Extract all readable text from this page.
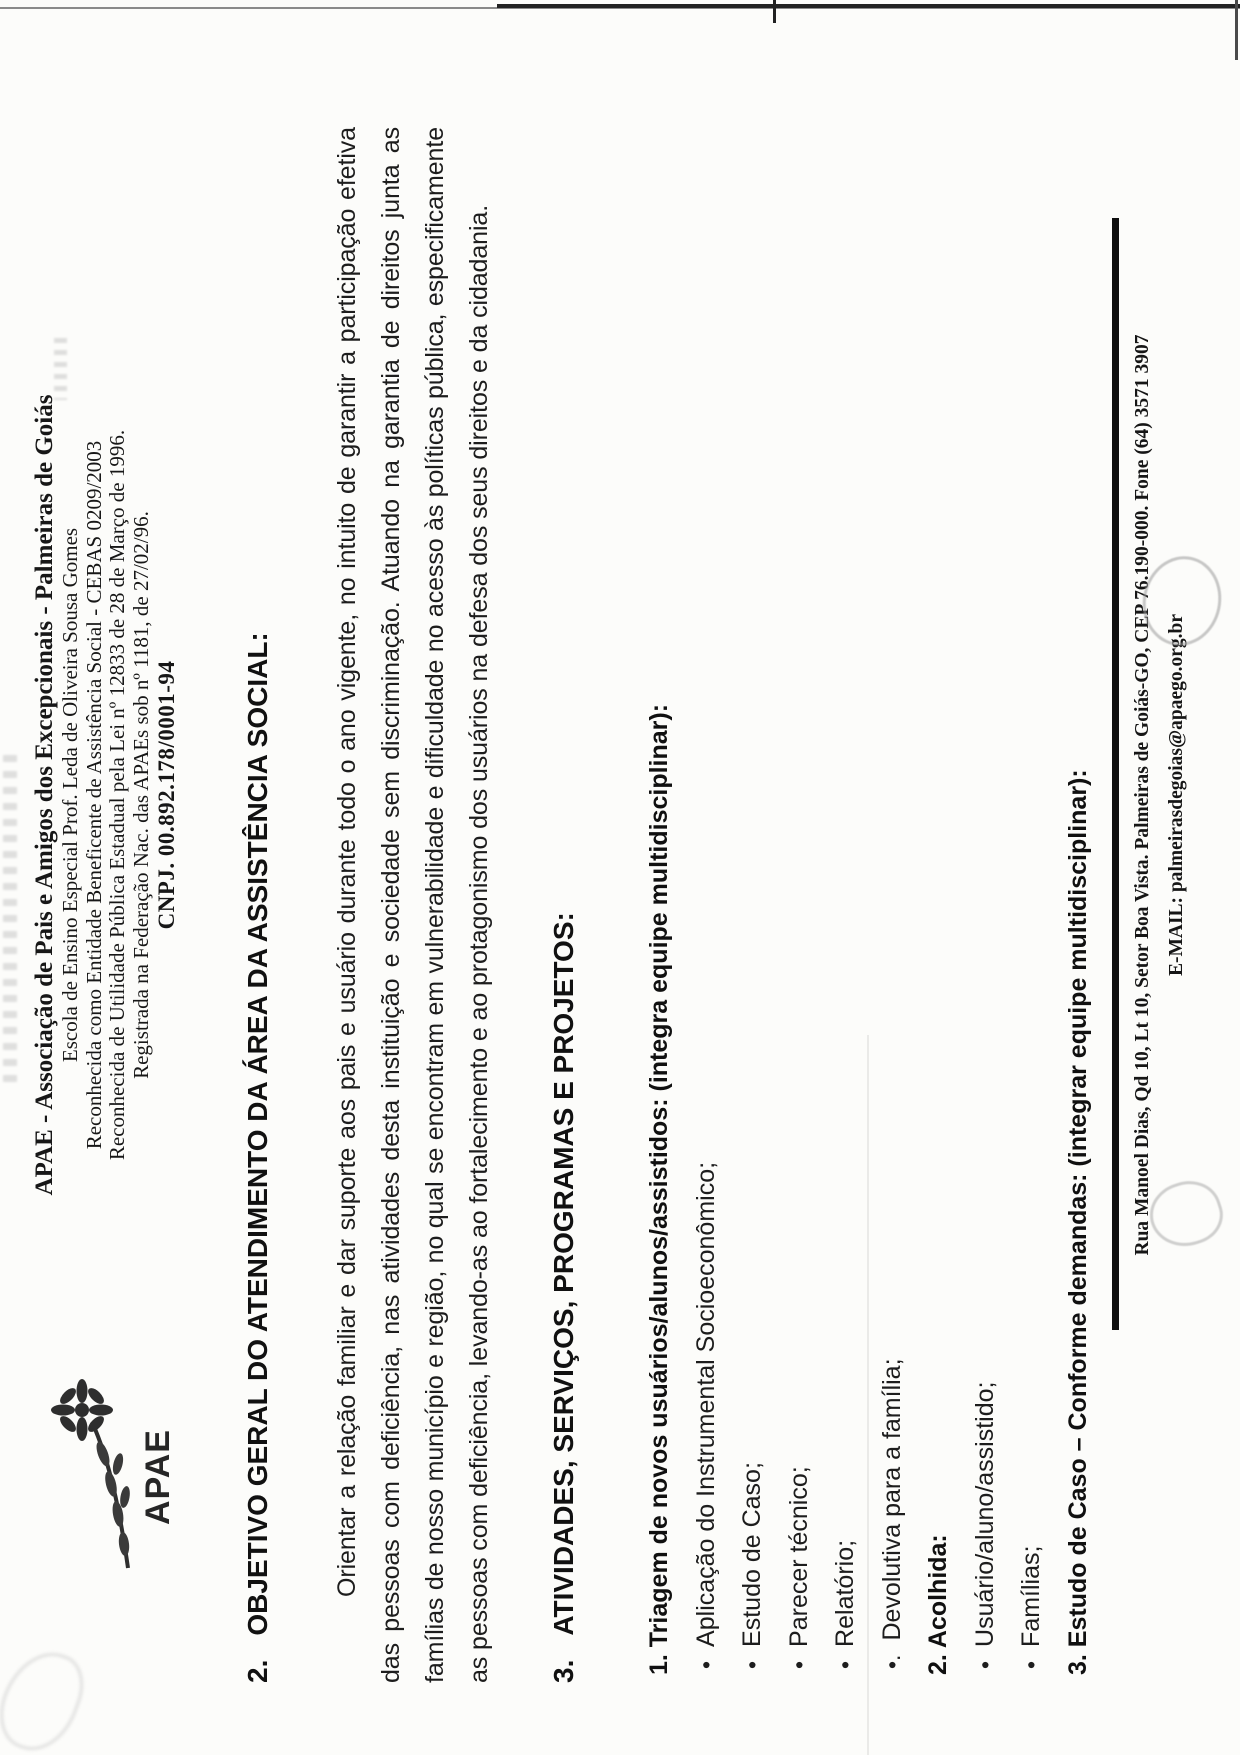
APAE
APAE - Associação de Pais e Amigos dos Excepcionais - Palmeiras de Goiás Escola de Ensino Especial Prof. Leda de Oliveira Sousa Gomes Reconhecida como Entidade Beneficente de Assistência Social - CEBAS 0209/2003 Reconhecida de Utilidade Pública Estadual pela Lei nº 12833 de 28 de Março de 1996. Registrada na Federação Nac. das APAEs sob nº 1181, de 27/02/96. CNPJ. 00.892.178/0001-94
2.OBJETIVO GERAL DO ATENDIMENTO DA ÁREA DA ASSISTÊNCIA SOCIAL:	Orientar a relação familiar e dar suporte aos pais e usuário durante todo o ano vigente, no intuito de garantir a participação efetiva das pessoas com deficiência, nas atividades desta instituição e sociedade sem discriminação. Atuando na garantia de direitos junta as famílias de nosso município e região, no qual se encontram em vulnerabilidade e dificuldade no acesso às políticas pública, especificamente as pessoas com deficiência, levando-as ao fortalecimento e ao protagonismo dos usuários na defesa dos seus direitos e da cidadania. 3.ATIVIDADES, SERVIÇOS, PROGRAMAS E PROJETOS:	1. Triagem de novos usuários/alunos/assistidos: (integra equipe multidisciplinar): •Aplicação do Instrumental Socioeconômico;
•Estudo de Caso;
•Parecer técnico;
•Relatório;
•.Devolutiva para a família; 2. Acolhida: •Usuário/aluno/assistido;
•Famílias; 3. Estudo de Caso – Conforme demandas: (integrar equipe multidisciplinar):	Rua Manoel Dias, Qd 10, Lt 10, Setor Boa Vista. Palmeiras de Goiás-GO, CEP 76.190-000. Fone (64) 3571 3907 E-MAIL: palmeirasdegoias@apaego.org.br
